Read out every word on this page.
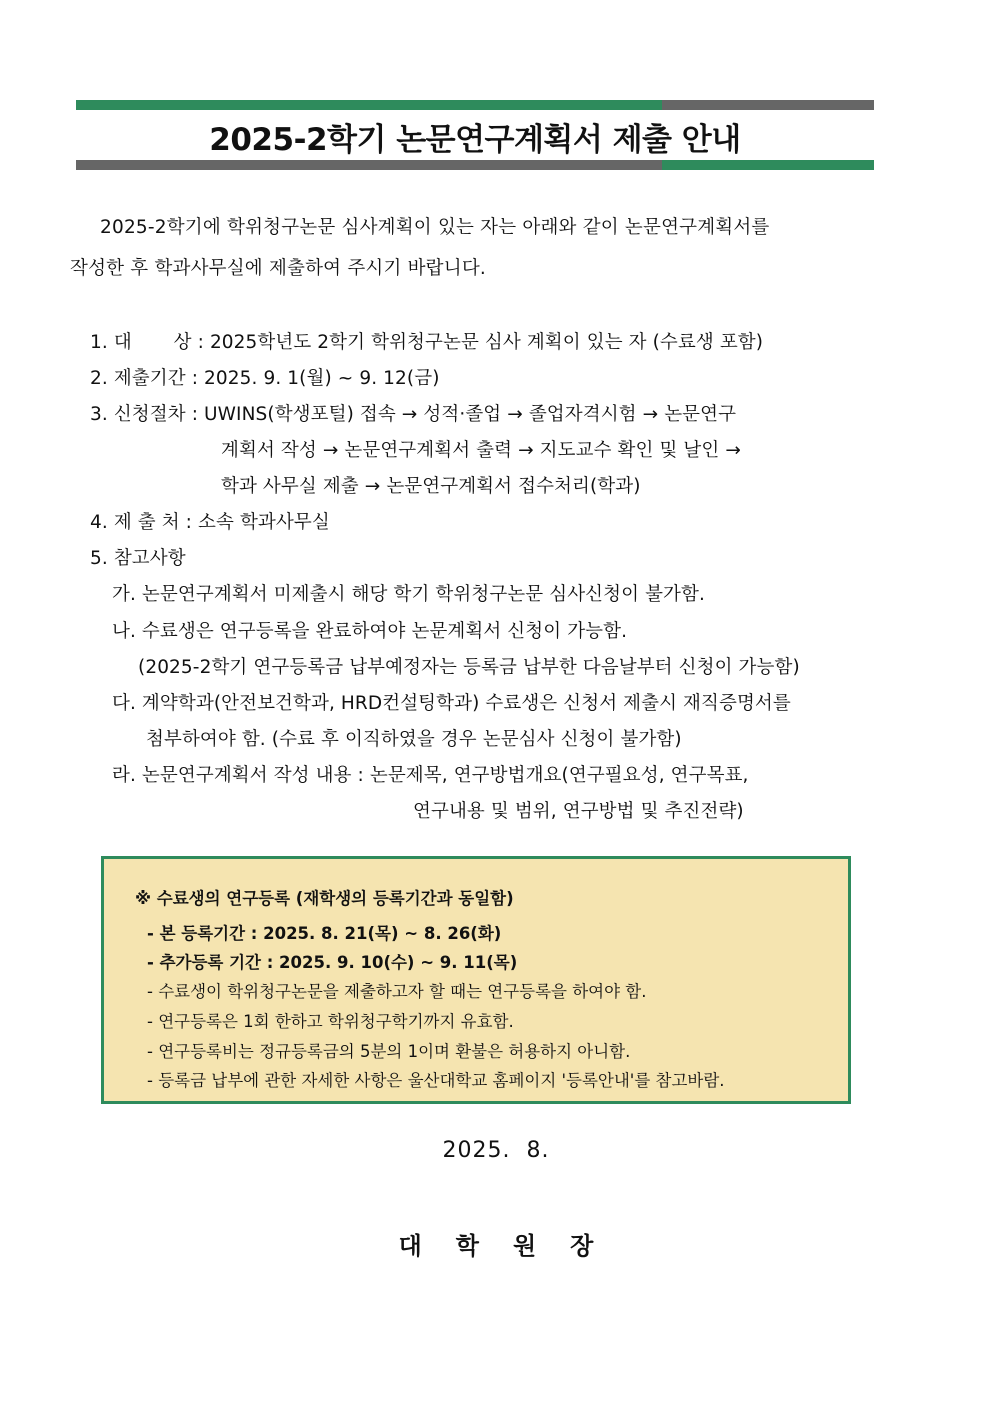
2025-2학기 논문연구계획서 제출 안내
2025-2학기에 학위청구논문 심사계획이 있는 자는 아래와 같이 논문연구계획서를
작성한 후 학과사무실에 제출하여 주시기 바랍니다.
1. 대       상 : 2025학년도 2학기 학위청구논문 심사 계획이 있는 자 (수료생 포함)
2. 제출기간 : 2025. 9. 1(월) ~ 9. 12(금)
3. 신청절차 : UWINS(학생포털) 접속 → 성적·졸업 → 졸업자격시험 → 논문연구
계획서 작성 → 논문연구계획서 출력 → 지도교수 확인 및 날인 →
학과 사무실 제출 → 논문연구계획서 접수처리(학과)
4. 제 출 처 : 소속 학과사무실
5. 참고사항
가. 논문연구계획서 미제출시 해당 학기 학위청구논문 심사신청이 불가함.
나. 수료생은 연구등록을 완료하여야 논문계획서 신청이 가능함.
(2025-2학기 연구등록금 납부예정자는 등록금 납부한 다음날부터 신청이 가능함)
다. 계약학과(안전보건학과, HRD컨설팅학과) 수료생은 신청서 제출시 재직증명서를
첨부하여야 함. (수료 후 이직하였을 경우 논문심사 신청이 불가함)
라. 논문연구계획서 작성 내용 : 논문제목, 연구방법개요(연구필요성, 연구목표,
연구내용 및 범위, 연구방법 및 추진전략)
※ 수료생의 연구등록 (재학생의 등록기간과 동일함)
- 본 등록기간 : 2025. 8. 21(목) ~ 8. 26(화)
- 추가등록 기간 : 2025. 9. 10(수) ~ 9. 11(목)
- 수료생이 학위청구논문을 제출하고자 할 때는 연구등록을 하여야 함.
- 연구등록은 1회 한하고 학위청구학기까지 유효함.
- 연구등록비는 정규등록금의 5분의 1이며 환불은 허용하지 아니함.
- 등록금 납부에 관한 자세한 사항은 울산대학교 홈페이지 '등록안내'를 참고바람.
2025.  8.
대학원장
